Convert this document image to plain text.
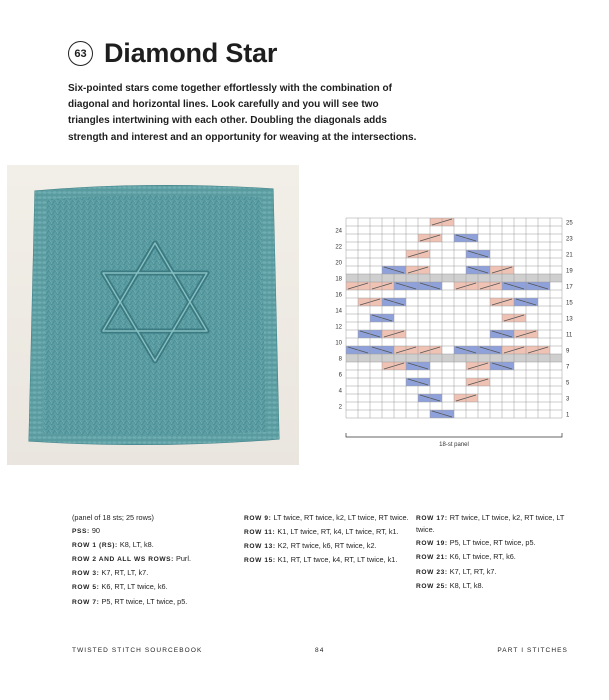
63 Diamond Star

Six-pointed stars come together effortlessly with the combination of diagonal and horizontal lines. Look carefully and you will see two triangles intertwining with each other. Doubling the diagonals adds strength and interest and an opportunity for weaving at the intersections.

24
22
20
18
16
14
12
10
8
6
4
2
25
23
21
19
17
15
13
11
9
7
5
3
1
18-st panel

(panel of 18 sts; 25 rows)

PSS: 90

ROW 1 (RS): K8, LT, k8.

ROW 2 AND ALL WS ROWS: Purl.

ROW 3: K7, RT, LT, k7.

ROW 5: K6, RT, LT twice, k6.

ROW 7: P5, RT twice, LT twice, p5.

ROW 9: LT twice, RT twice, k2, LT twice, RT twice.

ROW 11: K1, LT twice, RT, k4, LT twice, RT, k1.

ROW 13: K2, RT twice, k6, RT twice, k2.

ROW 15: K1, RT, LT twce, k4, RT, LT twice, k1.

ROW 17: RT twice, LT twice, k2, RT twice, LT twice.

ROW 19: P5, LT twice, RT twice, p5.

ROW 21: K6, LT twice, RT, k6.

ROW 23: K7, LT, RT, k7.

ROW 25: K8, LT, k8.

TWISTED STITCH SOURCEBOOK	84	PART I STITCHES
